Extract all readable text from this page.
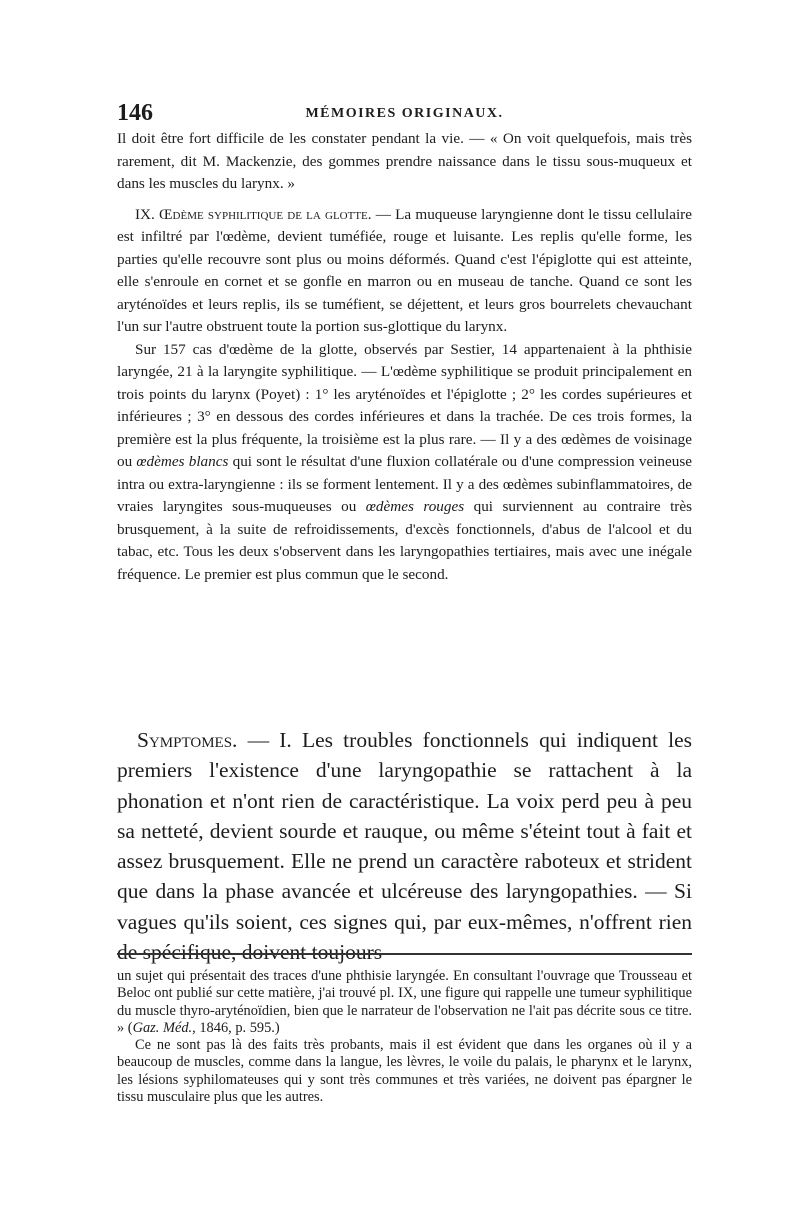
146	MÉMOIRES ORIGINAUX.

Il doit être fort difficile de les constater pendant la vie. — « On voit quelquefois, mais très rarement, dit M. Mackenzie, des gommes prendre naissance dans le tissu sous-muqueux et dans les muscles du larynx. »

IX. Œdème syphilitique de la glotte. — La muqueuse laryngienne dont le tissu cellulaire est infiltré par l'œdème, devient tuméfiée, rouge et luisante. Les replis qu'elle forme, les parties qu'elle recouvre sont plus ou moins déformés. Quand c'est l'épiglotte qui est atteinte, elle s'enroule en cornet et se gonfle en marron ou en museau de tanche. Quand ce sont les aryténoïdes et leurs replis, ils se tuméfient, se déjettent, et leurs gros bourrelets chevauchant l'un sur l'autre obstruent toute la portion sus-glottique du larynx.

Sur 157 cas d'œdème de la glotte, observés par Sestier, 14 appartenaient à la phthisie laryngée, 21 à la laryngite syphilitique. — L'œdème syphilitique se produit principalement en trois points du larynx (Poyet) : 1° les aryténoïdes et l'épiglotte ; 2° les cordes supérieures et inférieures ; 3° en dessous des cordes inférieures et dans la trachée. De ces trois formes, la première est la plus fréquente, la troisième est la plus rare. — Il y a des œdèmes de voisinage ou œdèmes blancs qui sont le résultat d'une fluxion collatérale ou d'une compression veineuse intra ou extra-laryngienne : ils se forment lentement. Il y a des œdèmes subinflammatoires, de vraies laryngites sous-muqueuses ou œdèmes rouges qui surviennent au contraire très brusquement, à la suite de refroidissements, d'excès fonctionnels, d'abus de l'alcool et du tabac, etc. Tous les deux s'observent dans les laryngopathies tertiaires, mais avec une inégale fréquence. Le premier est plus commun que le second.

Symptomes. — I. Les troubles fonctionnels qui indiquent les premiers l'existence d'une laryngopathie se rattachent à la phonation et n'ont rien de caractéristique. La voix perd peu à peu sa netteté, devient sourde et rauque, ou même s'éteint tout à fait et assez brusquement. Elle ne prend un caractère raboteux et strident que dans la phase avancée et ulcéreuse des laryngopathies. — Si vagues qu'ils soient, ces signes qui, par eux-mêmes, n'offrent rien de spécifique, doivent toujours

un sujet qui présentait des traces d'une phthisie laryngée. En consultant l'ouvrage que Trousseau et Beloc ont publié sur cette matière, j'ai trouvé pl. IX, une figure qui rappelle une tumeur syphilitique du muscle thyro-aryténoïdien, bien que le narrateur de l'observation ne l'ait pas décrite sous ce titre. » (Gaz. Méd., 1846, p. 595.)

Ce ne sont pas là des faits très probants, mais il est évident que dans les organes où il y a beaucoup de muscles, comme dans la langue, les lèvres, le voile du palais, le pharynx et le larynx, les lésions syphilomateuses qui y sont très communes et très variées, ne doivent pas épargner le tissu musculaire plus que les autres.
